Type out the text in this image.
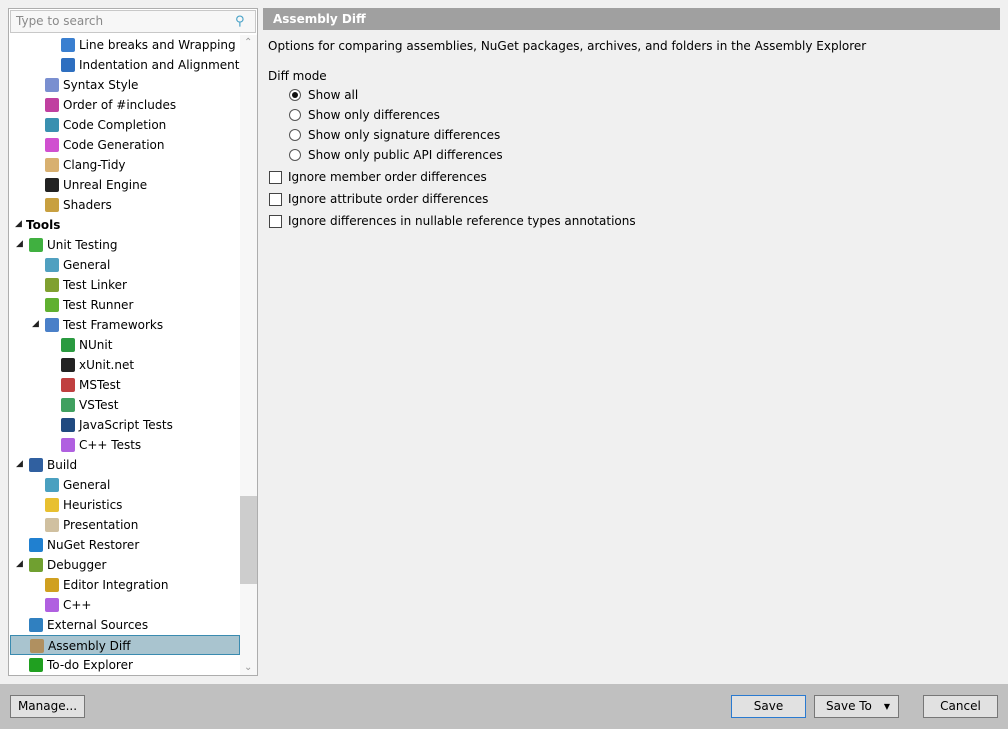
Type to search	⚲
Line breaks and Wrapping
Indentation and Alignment
Syntax Style
Order of #includes
Code Completion
Code Generation
Clang-Tidy
Unreal Engine
Shaders
◢ Tools
◢ Unit Testing
General
Test Linker
Test Runner
◢ Test Frameworks
NUnit
xUnit.net
MSTest
VSTest
JavaScript Tests
C++ Tests
◢ Build
General
Heuristics
Presentation
NuGet Restorer
◢ Debugger
Editor Integration
C++
External Sources
Assembly Diff
To-do Explorer
⌃
⌄
Assembly Diff
Options for comparing assemblies, NuGet packages, archives, and folders in the Assembly Explorer
Diff mode
Show all
Show only differences
Show only signature differences
Show only public API differences
Ignore member order differences
Ignore attribute order differences
Ignore differences in nullable reference types annotations
Manage...	Save	Save To ▼	Cancel
